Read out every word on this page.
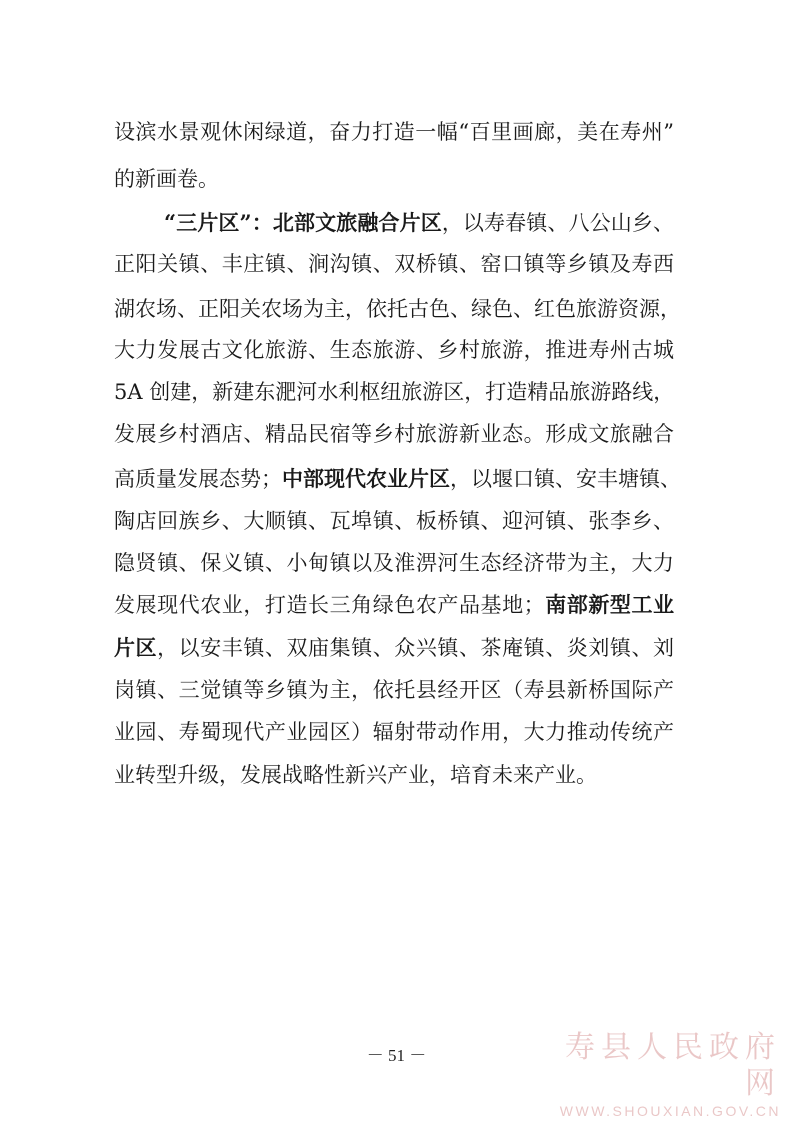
设滨水景观休闲绿道，奋力打造一幅“百里画廊，美在寿州”
的新画卷。
“三片区”：北部文旅融合片区，以寿春镇、八公山乡、
正阳关镇、丰庄镇、涧沟镇、双桥镇、窑口镇等乡镇及寿西
湖农场、正阳关农场为主，依托古色、绿色、红色旅游资源，
大力发展古文化旅游、生态旅游、乡村旅游，推进寿州古城
5A 创建，新建东淝河水利枢纽旅游区，打造精品旅游路线，
发展乡村酒店、精品民宿等乡村旅游新业态。形成文旅融合
高质量发展态势；中部现代农业片区，以堰口镇、安丰塘镇、
陶店回族乡、大顺镇、瓦埠镇、板桥镇、迎河镇、张李乡、
隐贤镇、保义镇、小甸镇以及淮淠河生态经济带为主，大力
发展现代农业，打造长三角绿色农产品基地；南部新型工业
片区，以安丰镇、双庙集镇、众兴镇、茶庵镇、炎刘镇、刘
岗镇、三觉镇等乡镇为主，依托县经开区（寿县新桥国际产
业园、寿蜀现代产业园区）辐射带动作用，大力推动传统产
业转型升级，发展战略性新兴产业，培育未来产业。
－ 51 －	寿县人民政府网
WWW.SHOUXIAN.GOV.CN
